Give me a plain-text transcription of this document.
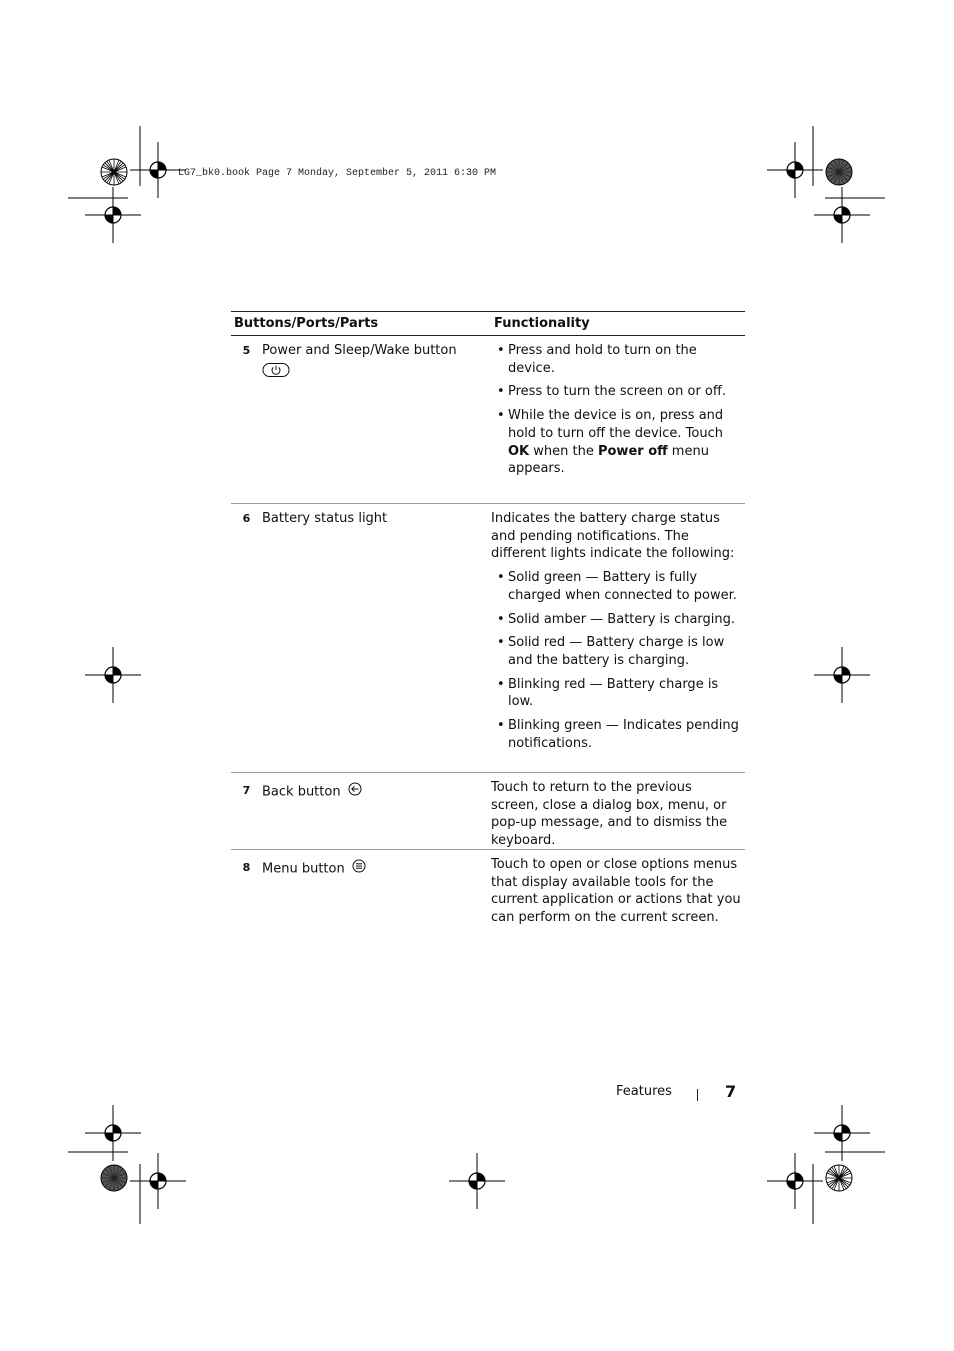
LG7_bk0.book Page 7 Monday, September 5, 2011 6:30 PM
Buttons/Ports/Parts	Functionality
5 Power and Sleep/Wake button
•	Press and hold to turn on the device.
• Press to turn the screen on or off.
• While the device is on, press and hold to turn off the device. Touch OK when the Power off menu appears.
6 Battery status light	Indicates the battery charge status and pending notifications. The different lights indicate the following:

• Solid green — Battery is fully charged when connected to power.
• Solid amber — Battery is charging.
• Solid red — Battery charge is low and the battery is charging.
• Blinking red — Battery charge is low.
• Blinking green — Indicates pending notifications.
7 Back button	Touch to return to the previous screen, close a dialog box, menu, or pop-up message, and to dismiss the keyboard.
8 Menu button	Touch to open or close options menus that display available tools for the current application or actions that you can perform on the current screen.
Features	7
